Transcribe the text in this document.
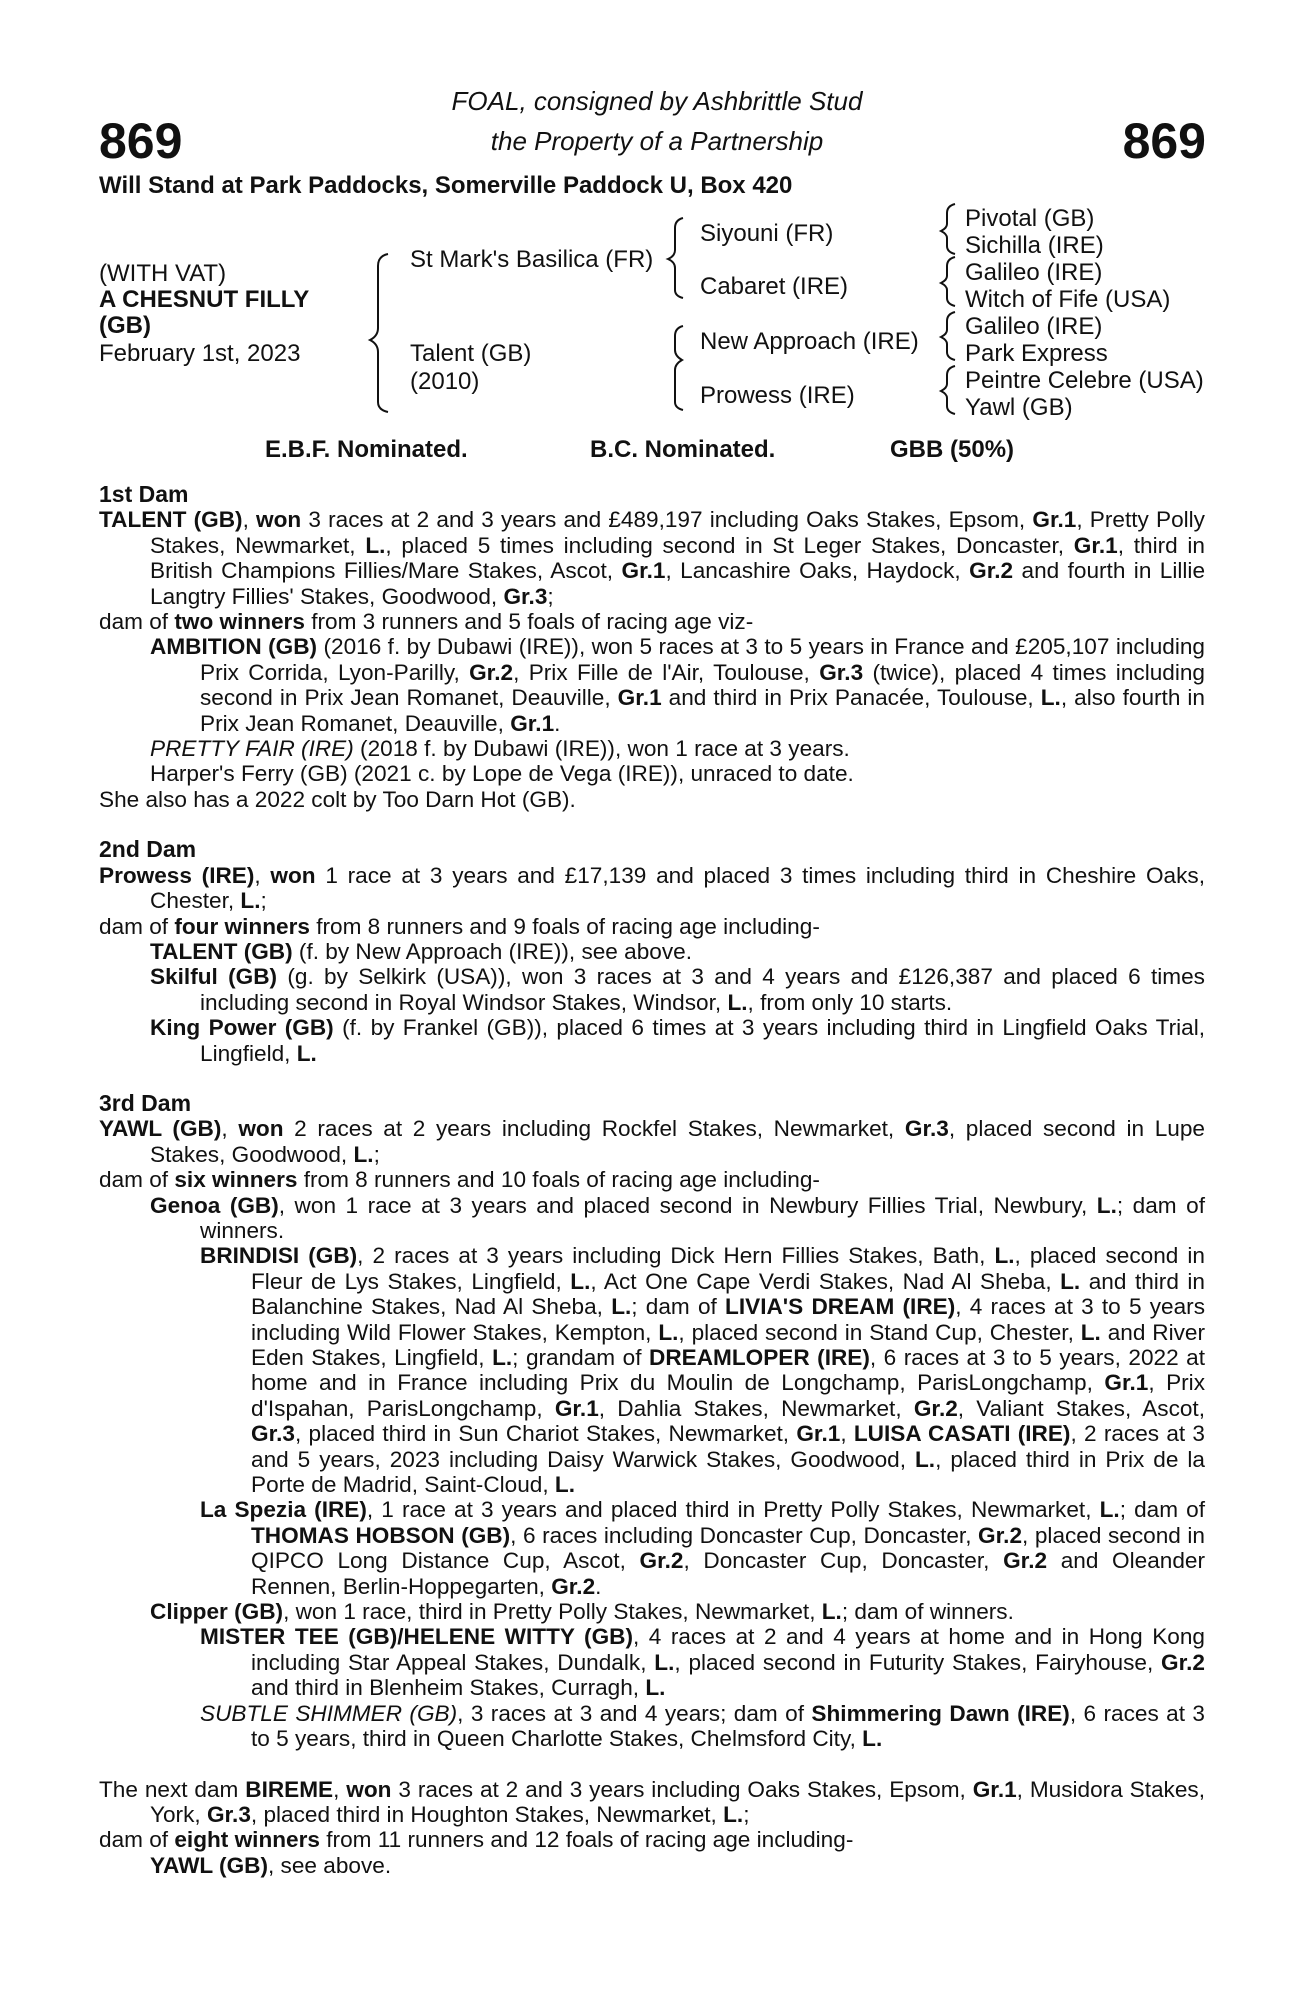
869	869
FOAL, consigned by Ashbrittle Stud
the Property of a Partnership
Will Stand at Park Paddocks, Somerville Paddock U, Box 420
(WITH VAT)
A CHESNUT FILLY
(GB)
February 1st, 2023
St Mark's Basilica (FR)
Talent (GB)
(2010)
Siyouni (FR)
Cabaret (IRE)
New Approach (IRE)
Prowess (IRE)
Pivotal (GB)
Sichilla (IRE)
Galileo (IRE)
Witch of Fife (USA)
Galileo (IRE)
Park Express
Peintre Celebre (USA)
Yawl (GB)
E.B.F. Nominated.	B.C. Nominated.	GBB (50%)
1st Dam

TALENT (GB), won 3 races at 2 and 3 years and £489,197 including Oaks Stakes, Epsom, Gr.1, Pretty Polly Stakes, Newmarket, L., placed 5 times including second in St Leger Stakes, Doncaster, Gr.1, third in British Champions Fillies/Mare Stakes, Ascot, Gr.1, Lancashire Oaks, Haydock, Gr.2 and fourth in Lillie Langtry Fillies' Stakes, Goodwood, Gr.3;

dam of two winners from 3 runners and 5 foals of racing age viz-

AMBITION (GB) (2016 f. by Dubawi (IRE)), won 5 races at 3 to 5 years in France and £205,107 including Prix Corrida, Lyon-Parilly, Gr.2, Prix Fille de l'Air, Toulouse, Gr.3 (twice), placed 4 times including second in Prix Jean Romanet, Deauville, Gr.1 and third in Prix Panacée, Toulouse, L., also fourth in Prix Jean Romanet, Deauville, Gr.1.

PRETTY FAIR (IRE) (2018 f. by Dubawi (IRE)), won 1 race at 3 years.

Harper's Ferry (GB) (2021 c. by Lope de Vega (IRE)), unraced to date.

She also has a 2022 colt by Too Darn Hot (GB).

2nd Dam

Prowess (IRE), won 1 race at 3 years and £17,139 and placed 3 times including third in Cheshire Oaks, Chester, L.;

dam of four winners from 8 runners and 9 foals of racing age including-

TALENT (GB) (f. by New Approach (IRE)), see above.

Skilful (GB) (g. by Selkirk (USA)), won 3 races at 3 and 4 years and £126,387 and placed 6 times including second in Royal Windsor Stakes, Windsor, L., from only 10 starts.

King Power (GB) (f. by Frankel (GB)), placed 6 times at 3 years including third in Lingfield Oaks Trial, Lingfield, L.

3rd Dam

YAWL (GB), won 2 races at 2 years including Rockfel Stakes, Newmarket, Gr.3, placed second in Lupe Stakes, Goodwood, L.;

dam of six winners from 8 runners and 10 foals of racing age including-

Genoa (GB), won 1 race at 3 years and placed second in Newbury Fillies Trial, Newbury, L.; dam of winners.

BRINDISI (GB), 2 races at 3 years including Dick Hern Fillies Stakes, Bath, L., placed second in Fleur de Lys Stakes, Lingfield, L., Act One Cape Verdi Stakes, Nad Al Sheba, L. and third in Balanchine Stakes, Nad Al Sheba, L.; dam of LIVIA'S DREAM (IRE), 4 races at 3 to 5 years including Wild Flower Stakes, Kempton, L., placed second in Stand Cup, Chester, L. and River Eden Stakes, Lingfield, L.; grandam of DREAMLOPER (IRE), 6 races at 3 to 5 years, 2022 at home and in France including Prix du Moulin de Longchamp, ParisLongchamp, Gr.1, Prix d'Ispahan, ParisLongchamp, Gr.1, Dahlia Stakes, Newmarket, Gr.2, Valiant Stakes, Ascot, Gr.3, placed third in Sun Chariot Stakes, Newmarket, Gr.1, LUISA CASATI (IRE), 2 races at 3 and 5 years, 2023 including Daisy Warwick Stakes, Goodwood, L., placed third in Prix de la Porte de Madrid, Saint-Cloud, L.

La Spezia (IRE), 1 race at 3 years and placed third in Pretty Polly Stakes, Newmarket, L.; dam of THOMAS HOBSON (GB), 6 races including Doncaster Cup, Doncaster, Gr.2, placed second in QIPCO Long Distance Cup, Ascot, Gr.2, Doncaster Cup, Doncaster, Gr.2 and Oleander Rennen, Berlin-Hoppegarten, Gr.2.

Clipper (GB), won 1 race, third in Pretty Polly Stakes, Newmarket, L.; dam of winners.

MISTER TEE (GB)/HELENE WITTY (GB), 4 races at 2 and 4 years at home and in Hong Kong including Star Appeal Stakes, Dundalk, L., placed second in Futurity Stakes, Fairyhouse, Gr.2 and third in Blenheim Stakes, Curragh, L.

SUBTLE SHIMMER (GB), 3 races at 3 and 4 years; dam of Shimmering Dawn (IRE), 6 races at 3 to 5 years, third in Queen Charlotte Stakes, Chelmsford City, L.

The next dam BIREME, won 3 races at 2 and 3 years including Oaks Stakes, Epsom, Gr.1, Musidora Stakes, York, Gr.3, placed third in Houghton Stakes, Newmarket, L.;

dam of eight winners from 11 runners and 12 foals of racing age including-

YAWL (GB), see above.
